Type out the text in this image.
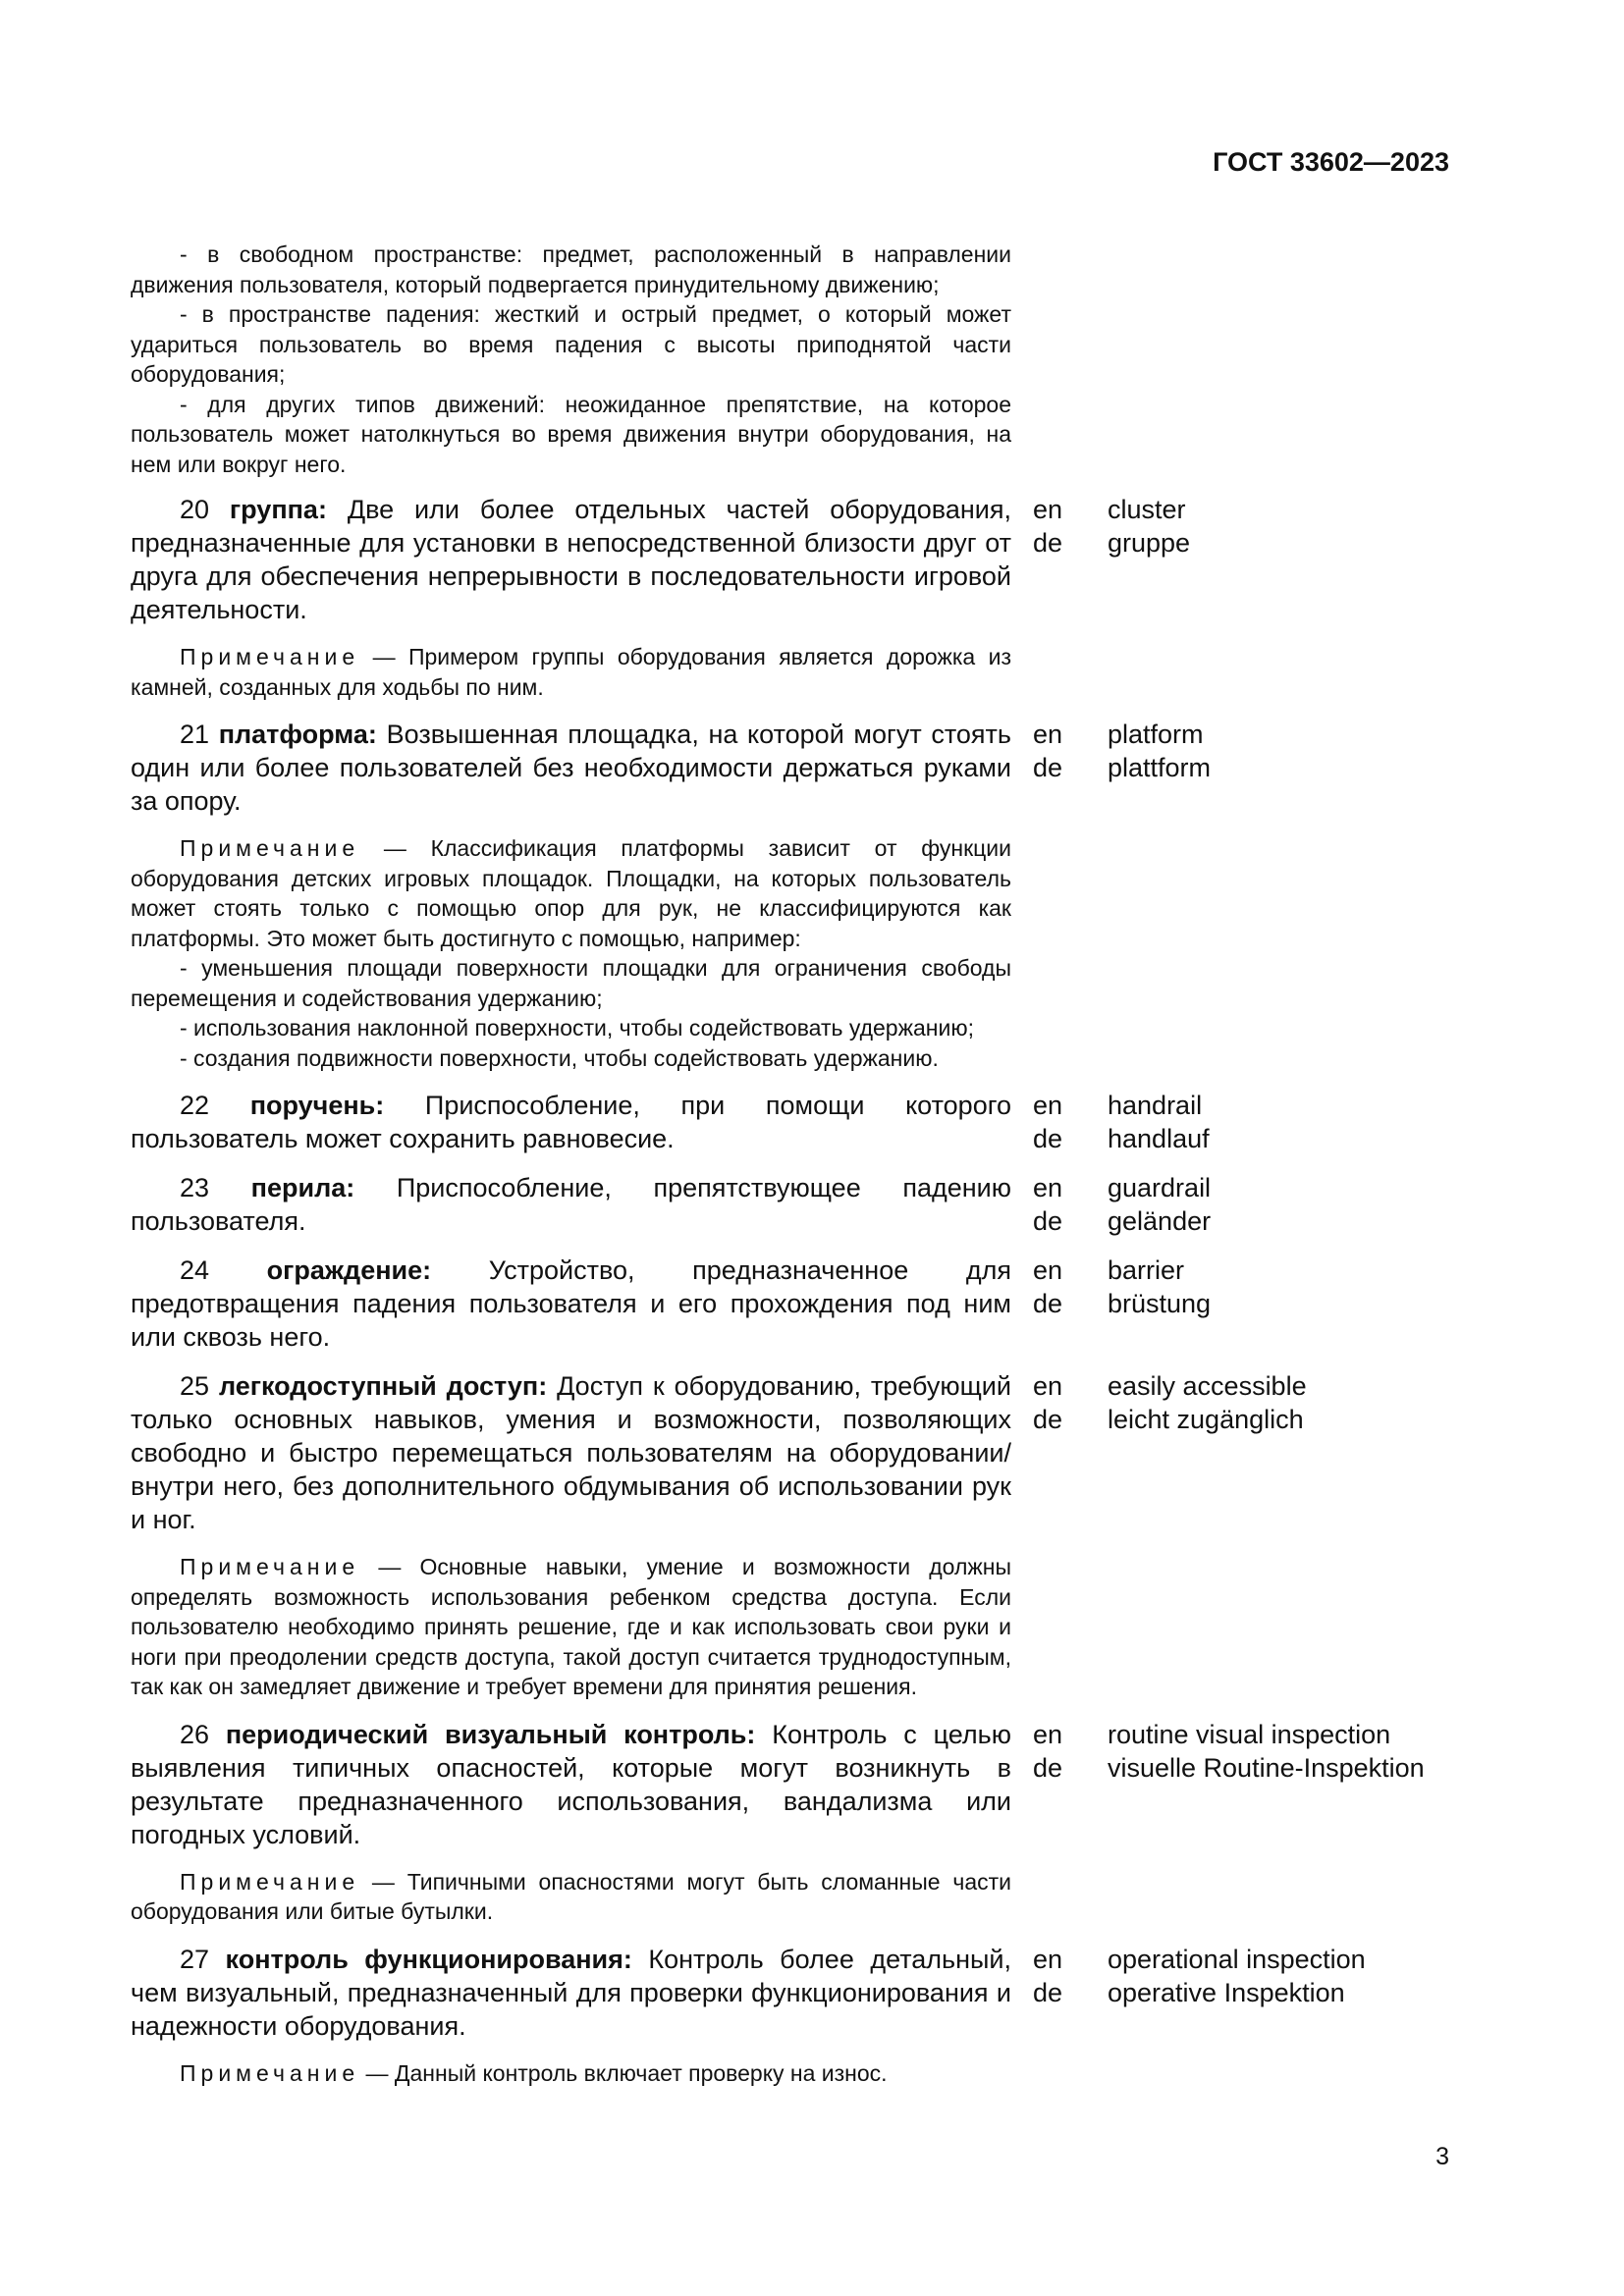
ГОСТ 33602—2023
- в свободном пространстве: предмет, расположенный в направлении движения пользователя, который подвергается принудительному движению;
- в пространстве падения: жесткий и острый предмет, о который может удариться пользователь во время падения с высоты приподнятой части оборудования;
- для других типов движений: неожиданное препятствие, на которое пользователь может натолкнуться во время движения внутри оборудования, на нем или вокруг него.
20 группа: Две или более отдельных частей оборудования, предназначенные для установки в непосредственной близости друг от друга для обеспечения непрерывности в последовательности игровой деятельности.
en
de
cluster
gruppe
Примечание — Примером группы оборудования является дорожка из камней, созданных для ходьбы по ним.
21 платформа: Возвышенная площадка, на которой могут стоять один или более пользователей без необходимости держаться руками за опору.
en
de
platform
plattform
Примечание — Классификация платформы зависит от функции оборудования детских игровых площадок. Площадки, на которых пользователь может стоять только с помощью опор для рук, не классифицируются как платформы. Это может быть достигнуто с помощью, например:
- уменьшения площади поверхности площадки для ограничения свободы перемещения и содействования удержанию;
- использования наклонной поверхности, чтобы содействовать удержанию;
- создания подвижности поверхности, чтобы содействовать удержанию.
22 поручень: Приспособление, при помощи которого пользователь может сохранить равновесие.
en
de
handrail
handlauf
23 перила: Приспособление, препятствующее падению пользователя.
en
de
guardrail
geländer
24 ограждение: Устройство, предназначенное для предотвращения падения пользователя и его прохождения под ним или сквозь него.
en
de
barrier
brüstung
25 легкодоступный доступ: Доступ к оборудованию, требующий только основных навыков, умения и возможности, позволяющих свободно и быстро перемещаться пользователям на оборудовании/внутри него, без дополнительного обдумывания об использовании рук и ног.
en
de
easily accessible
leicht zugänglich
Примечание — Основные навыки, умение и возможности должны определять возможность использования ребенком средства доступа. Если пользователю необходимо принять решение, где и как использовать свои руки и ноги при преодолении средств доступа, такой доступ считается труднодоступным, так как он замедляет движение и требует времени для принятия решения.
26 периодический визуальный контроль: Контроль с целью выявления типичных опасностей, которые могут возникнуть в результате предназначенного использования, вандализма или погодных условий.
en
de
routine visual inspection
visuelle Routine-Inspektion
Примечание — Типичными опасностями могут быть сломанные части оборудования или битые бутылки.
27 контроль функционирования: Контроль более детальный, чем визуальный, предназначенный для проверки функционирования и надежности оборудования.
en
de
operational inspection
operative Inspektion
Примечание — Данный контроль включает проверку на износ.
3
